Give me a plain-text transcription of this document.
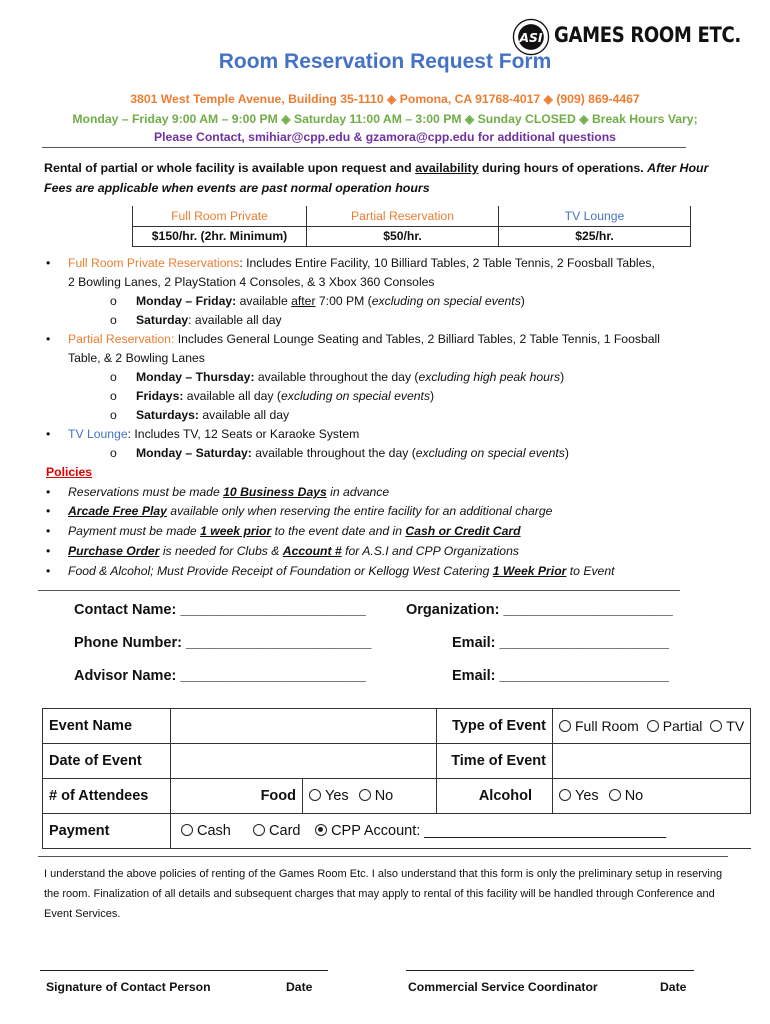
ASI GAMES ROOM ETC.
Room Reservation Request Form
3801 West Temple Avenue, Building 35-1110 ◈ Pomona, CA 91768-4017 ◈ (909) 869-4467
Monday – Friday 9:00 AM – 9:00 PM ◈ Saturday 11:00 AM – 3:00 PM ◈ Sunday CLOSED ◈ Break Hours Vary;
Please Contact, smihiar@cpp.edu & gzamora@cpp.edu for additional questions
Rental of partial or whole facility is available upon request and availability during hours of operations. After Hour Fees are applicable when events are past normal operation hours
Full Room Private	Partial Reservation	TV Lounge
$150/hr. (2hr. Minimum)	$50/hr.	$25/hr.
• Full Room Private Reservations: Includes Entire Facility, 10 Billiard Tables, 2 Table Tennis, 2 Foosball Tables,
2 Bowling Lanes, 2 PlayStation 4 Consoles, & 3 Xbox 360 Consoles
o Monday – Friday: available after 7:00 PM (excluding on special events)
o Saturday: available all day
• Partial Reservation: Includes General Lounge Seating and Tables, 2 Billiard Tables, 2 Table Tennis, 1 Foosball
Table, & 2 Bowling Lanes
o Monday – Thursday: available throughout the day (excluding high peak hours)
o Fridays: available all day (excluding on special events)
o Saturdays: available all day
• TV Lounge: Includes TV, 12 Seats or Karaoke System
o Monday – Saturday: available throughout the day (excluding on special events)
Policies
• Reservations must be made 10 Business Days in advance
• Arcade Free Play available only when reserving the entire facility for an additional charge
• Payment must be made 1 week prior to the event date and in Cash or Credit Card
• Purchase Order is needed for Clubs & Account # for A.S.I and CPP Organizations
• Food & Alcohol; Must Provide Receipt of Foundation or Kellogg West Catering 1 Week Prior to Event
Contact Name: _______________________	Organization: _____________________
Phone Number: _______________________	Email: _____________________
Advisor Name: _______________________	Email: _____________________
Event Name			Type of Event	Full Room Partial TV
Date of Event			Time of Event	
# of Attendees	Food	Yes No	Alcohol	Yes No
Payment	Cash Card CPP Account: ______________________________			
I understand the above policies of renting of the Games Room Etc. I also understand that this form is only the preliminary setup in reserving the room. Finalization of all details and subsequent charges that may apply to rental of this facility will be handled through Conference and Event Services.
Signature of Contact Person	Date	Commercial Service Coordinator	Date
